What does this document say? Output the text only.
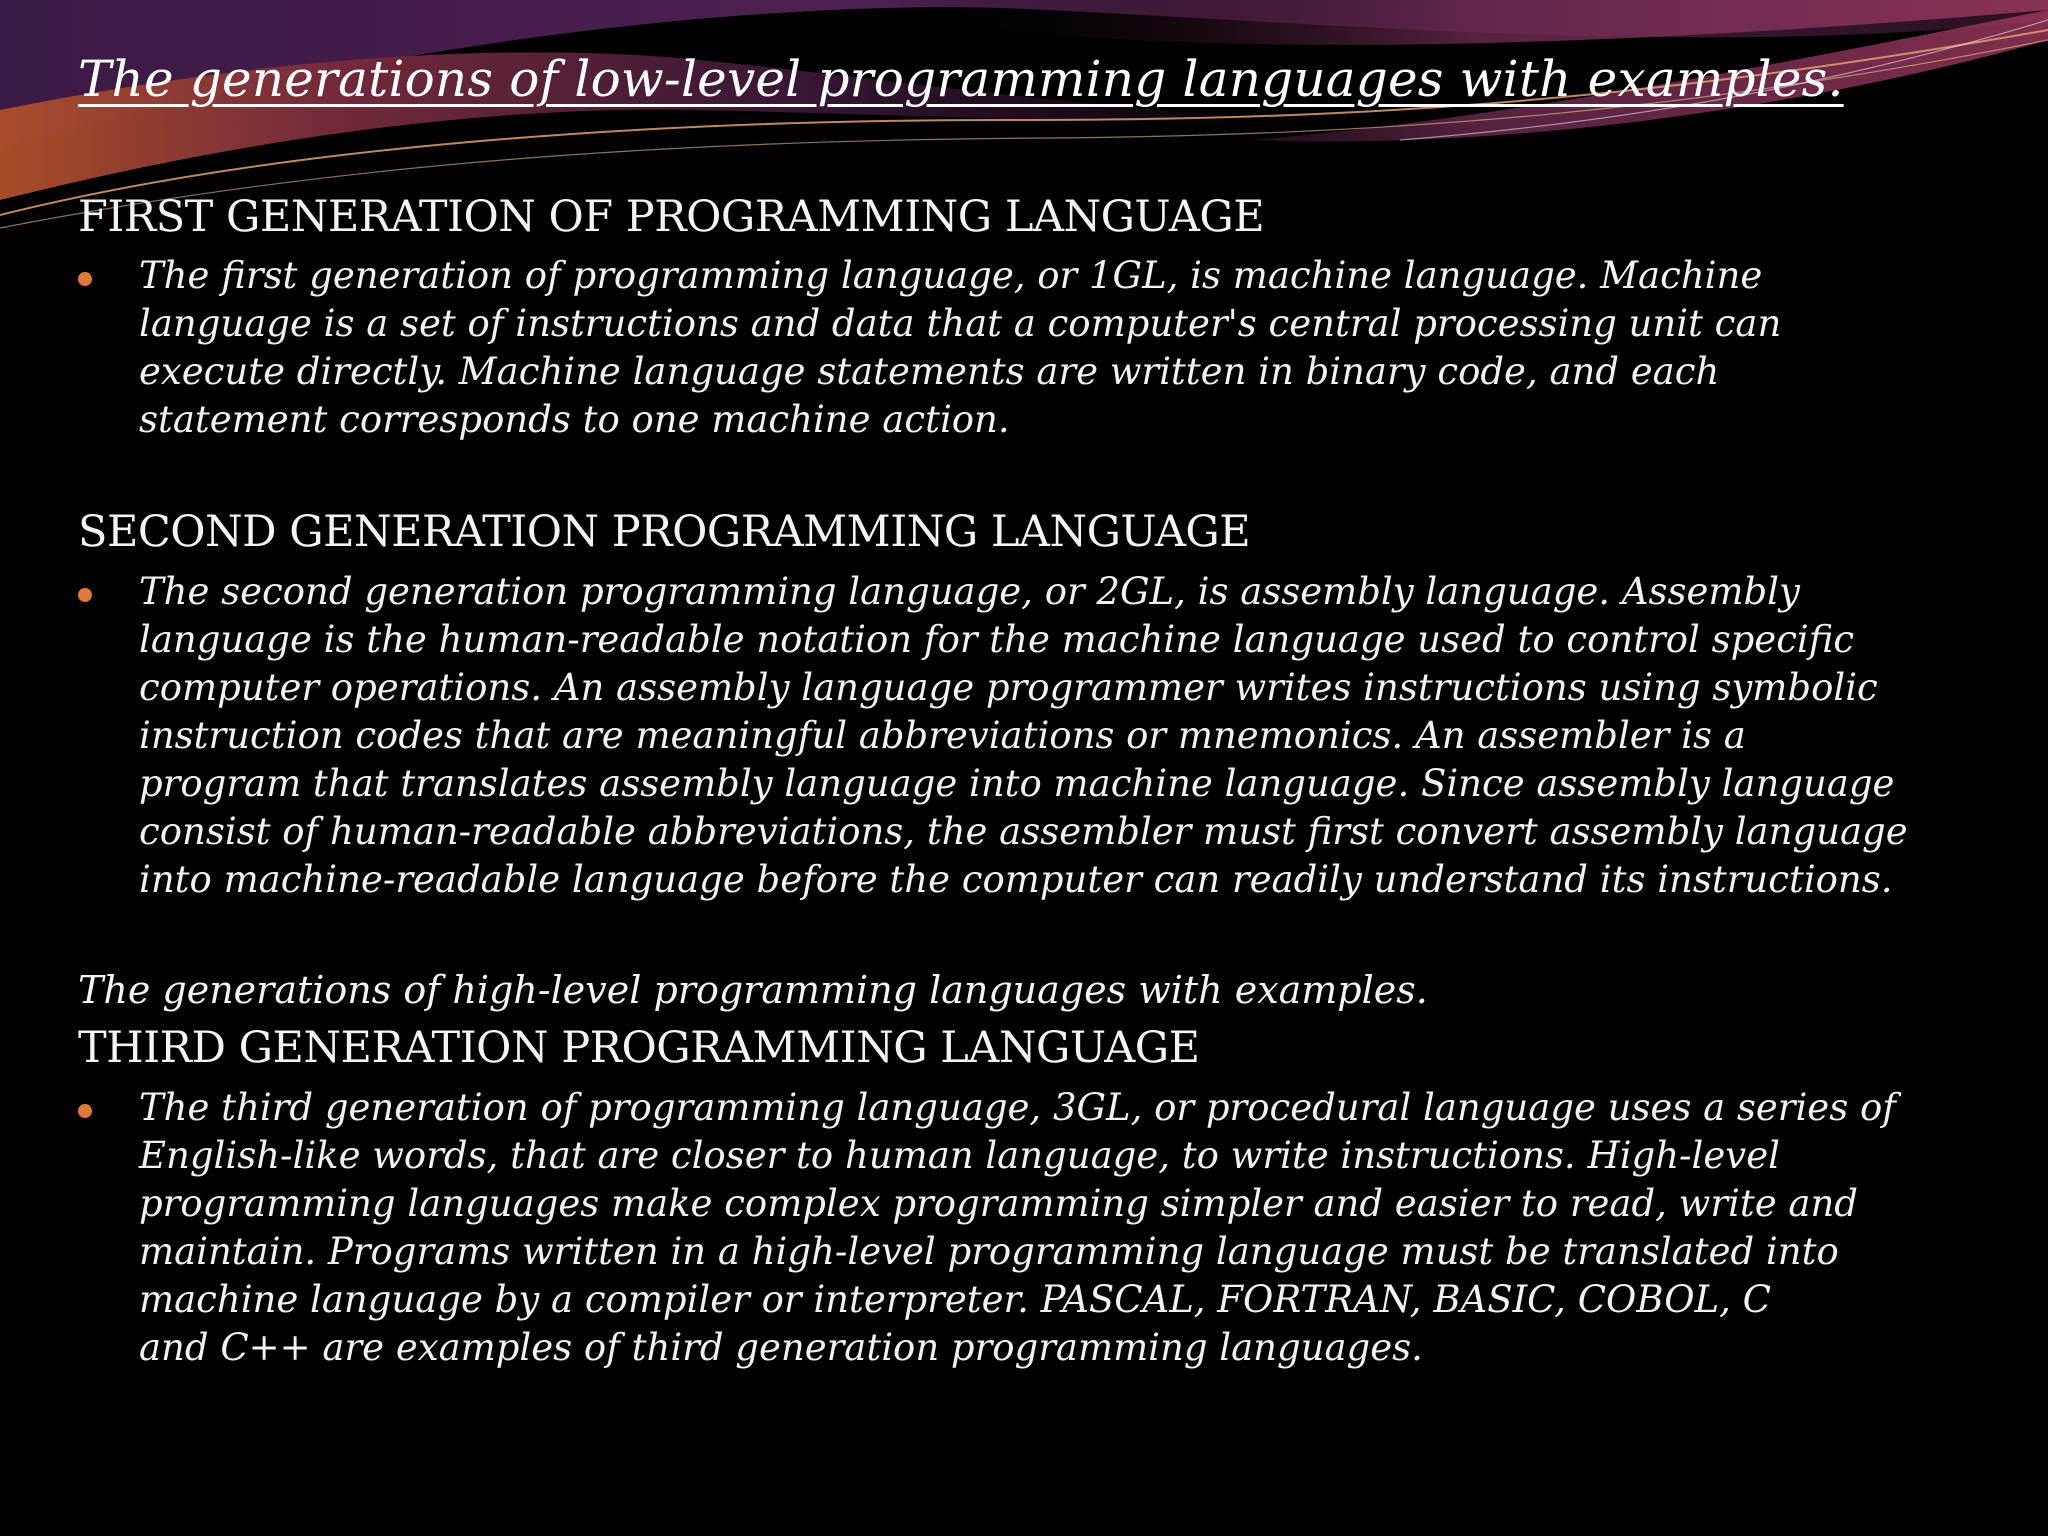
The generations of low-level programming languages with examples.
FIRST GENERATION OF PROGRAMMING LANGUAGE
The first generation of programming language, or 1GL, is machine language. Machine
language is a set of instructions and data that a computer's central processing unit can
execute directly. Machine language statements are written in binary code, and each
statement corresponds to one machine action.
SECOND GENERATION PROGRAMMING LANGUAGE
The second generation programming language, or 2GL, is assembly language. Assembly
language is the human-readable notation for the machine language used to control specific
computer operations. An assembly language programmer writes instructions using symbolic
instruction codes that are meaningful abbreviations or mnemonics. An assembler is a
program that translates assembly language into machine language. Since assembly language
consist of human-readable abbreviations, the assembler must first convert assembly language
into machine-readable language before the computer can readily understand its instructions.
The generations of high-level programming languages with examples.
THIRD GENERATION PROGRAMMING LANGUAGE
The third generation of programming language, 3GL, or procedural language uses a series of
English-like words, that are closer to human language, to write instructions. High-level
programming languages make complex programming simpler and easier to read, write and
maintain. Programs written in a high-level programming language must be translated into
machine language by a compiler or interpreter. PASCAL, FORTRAN, BASIC, COBOL, C
and C++ are examples of third generation programming languages.
